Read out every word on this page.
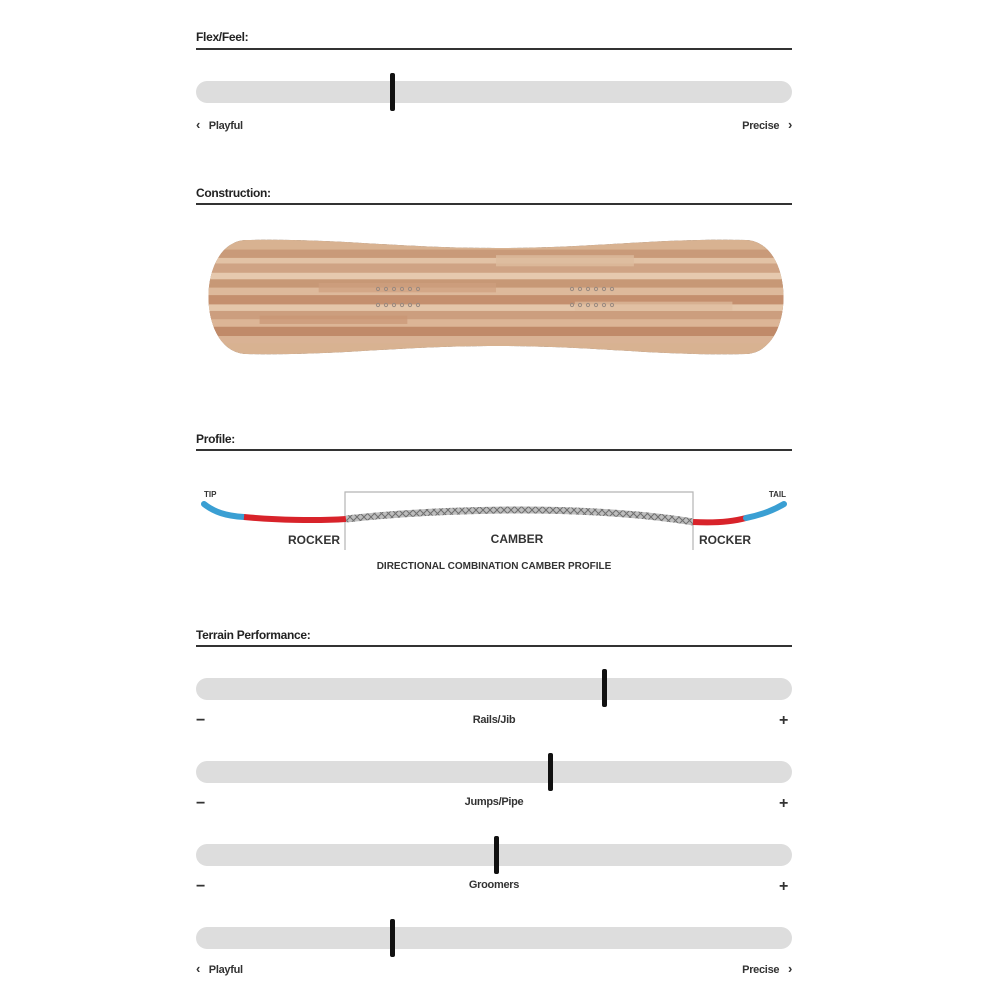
Flex/Feel:
‹ Playful	Precise ›
Construction:
Profile:
TIP	TAIL
ROCKER	CAMBER	ROCKER
DIRECTIONAL COMBINATION CAMBER PROFILE
Terrain Performance:
−	Rails/Jib	+
−	Jumps/Pipe	+
−	Groomers	+
‹ Playful	Precise ›
